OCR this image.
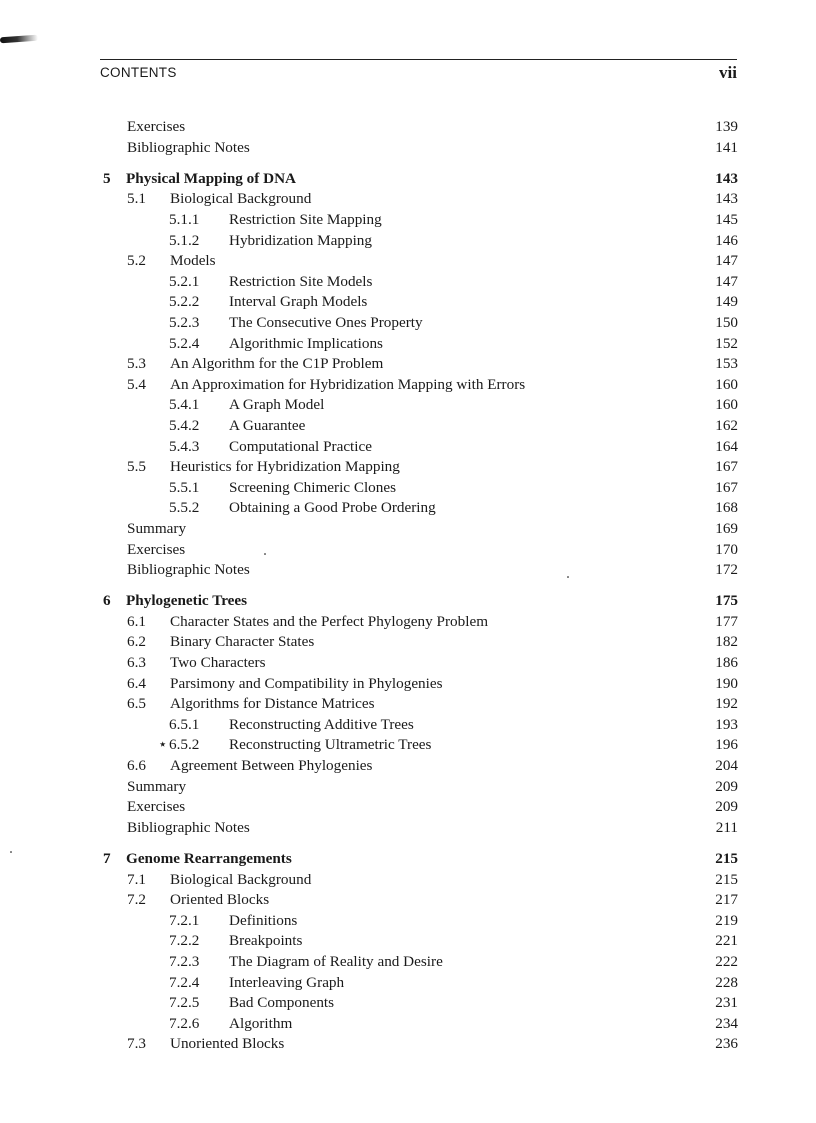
CONTENTS	vii
Exercises	139
Bibliographic Notes	141
5 Physical Mapping of DNA	143
5.1 Biological Background	143
5.1.1 Restriction Site Mapping	145
5.1.2 Hybridization Mapping	146
5.2 Models	147
5.2.1 Restriction Site Models	147
5.2.2 Interval Graph Models	149
5.2.3 The Consecutive Ones Property	150
5.2.4 Algorithmic Implications	152
5.3 An Algorithm for the C1P Problem	153
5.4 An Approximation for Hybridization Mapping with Errors	160
5.4.1 A Graph Model	160
5.4.2 A Guarantee	162
5.4.3 Computational Practice	164
5.5 Heuristics for Hybridization Mapping	167
5.5.1 Screening Chimeric Clones	167
5.5.2 Obtaining a Good Probe Ordering	168
Summary	169
Exercises	170
Bibliographic Notes	172
6 Phylogenetic Trees	175
6.1 Character States and the Perfect Phylogeny Problem	177
6.2 Binary Character States	182
6.3 Two Characters	186
6.4 Parsimony and Compatibility in Phylogenies	190
6.5 Algorithms for Distance Matrices	192
6.5.1 Reconstructing Additive Trees	193
⋆ 6.5.2 Reconstructing Ultrametric Trees	196
6.6 Agreement Between Phylogenies	204
Summary	209
Exercises	209
Bibliographic Notes	211
7 Genome Rearrangements	215
7.1 Biological Background	215
7.2 Oriented Blocks	217
7.2.1 Definitions	219
7.2.2 Breakpoints	221
7.2.3 The Diagram of Reality and Desire	222
7.2.4 Interleaving Graph	228
7.2.5 Bad Components	231
7.2.6 Algorithm	234
7.3 Unoriented Blocks	236
